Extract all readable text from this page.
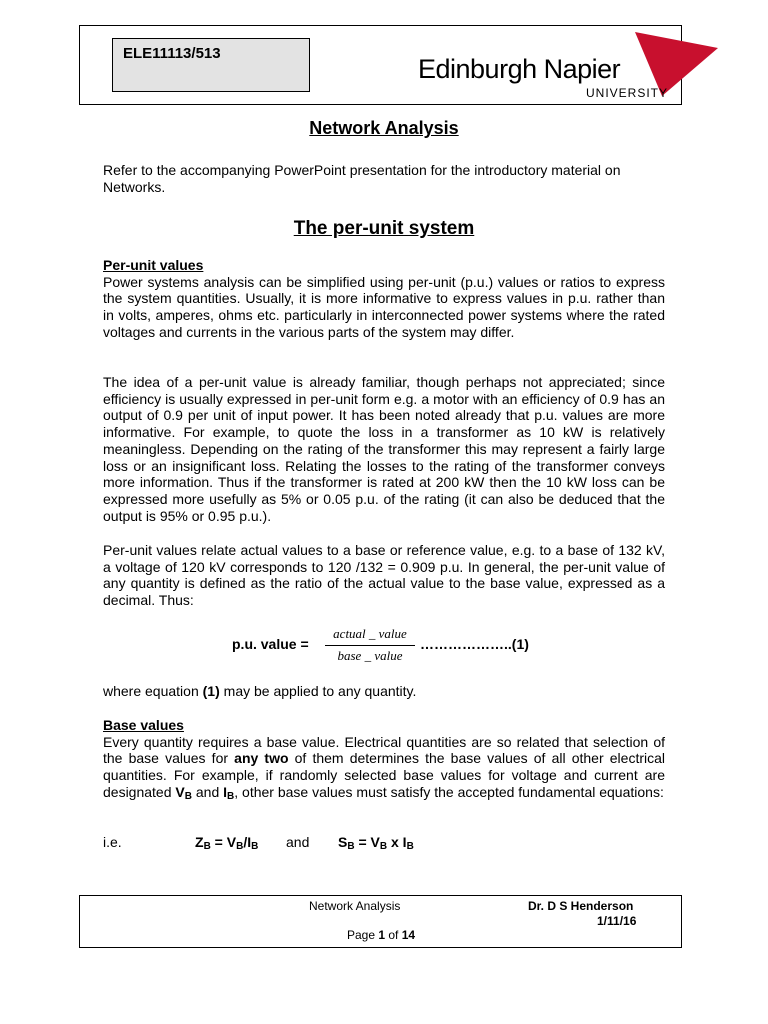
ELE11113/513
Edinburgh Napier
UNIVERSITY
Network Analysis
Refer to the accompanying PowerPoint presentation for the introductory material on Networks.
The per-unit system
Per-unit values
Power systems analysis can be simplified using per-unit (p.u.) values or ratios to express the system quantities. Usually, it is more informative to express values in p.u. rather than in volts, amperes, ohms etc. particularly in interconnected power systems where the rated voltages and currents in the various parts of the system may differ.
The idea of a per-unit value is already familiar, though perhaps not appreciated; since efficiency is usually expressed in per-unit form e.g. a motor with an efficiency of 0.9 has an output of 0.9 per unit of input power. It has been noted already that p.u. values are more informative. For example, to quote the loss in a transformer as 10 kW is relatively meaningless. Depending on the rating of the transformer this may represent a fairly large loss or an insignificant loss. Relating the losses to the rating of the transformer conveys more information. Thus if the transformer is rated at 200 kW then the 10 kW loss can be expressed more usefully as 5% or 0.05 p.u. of the rating (it can also be deduced that the output is 95% or 0.95 p.u.).
Per-unit values relate actual values to a base or reference value, e.g. to a base of 132 kV, a voltage of 120 kV corresponds to 120 /132 = 0.909 p.u. In general, the per-unit value of any quantity is defined as the ratio of the actual value to the base value, expressed as a decimal. Thus:
p.u. value =
actual _ value
base _ value
………………..(1)
where equation (1) may be applied to any quantity.
Base values
Every quantity requires a base value. Electrical quantities are so related that selection of the base values for any two of them determines the base values of all other electrical quantities. For example, if randomly selected base values for voltage and current are designated $V_B$ and $I_B$, other base values must satisfy the accepted fundamental equations:
i.e.	$Z_B = V_B/I_B$ and $S_B = V_B$ x $I_B$
Network Analysis	Dr. D S Henderson
1/11/16
Page 1 of 14
